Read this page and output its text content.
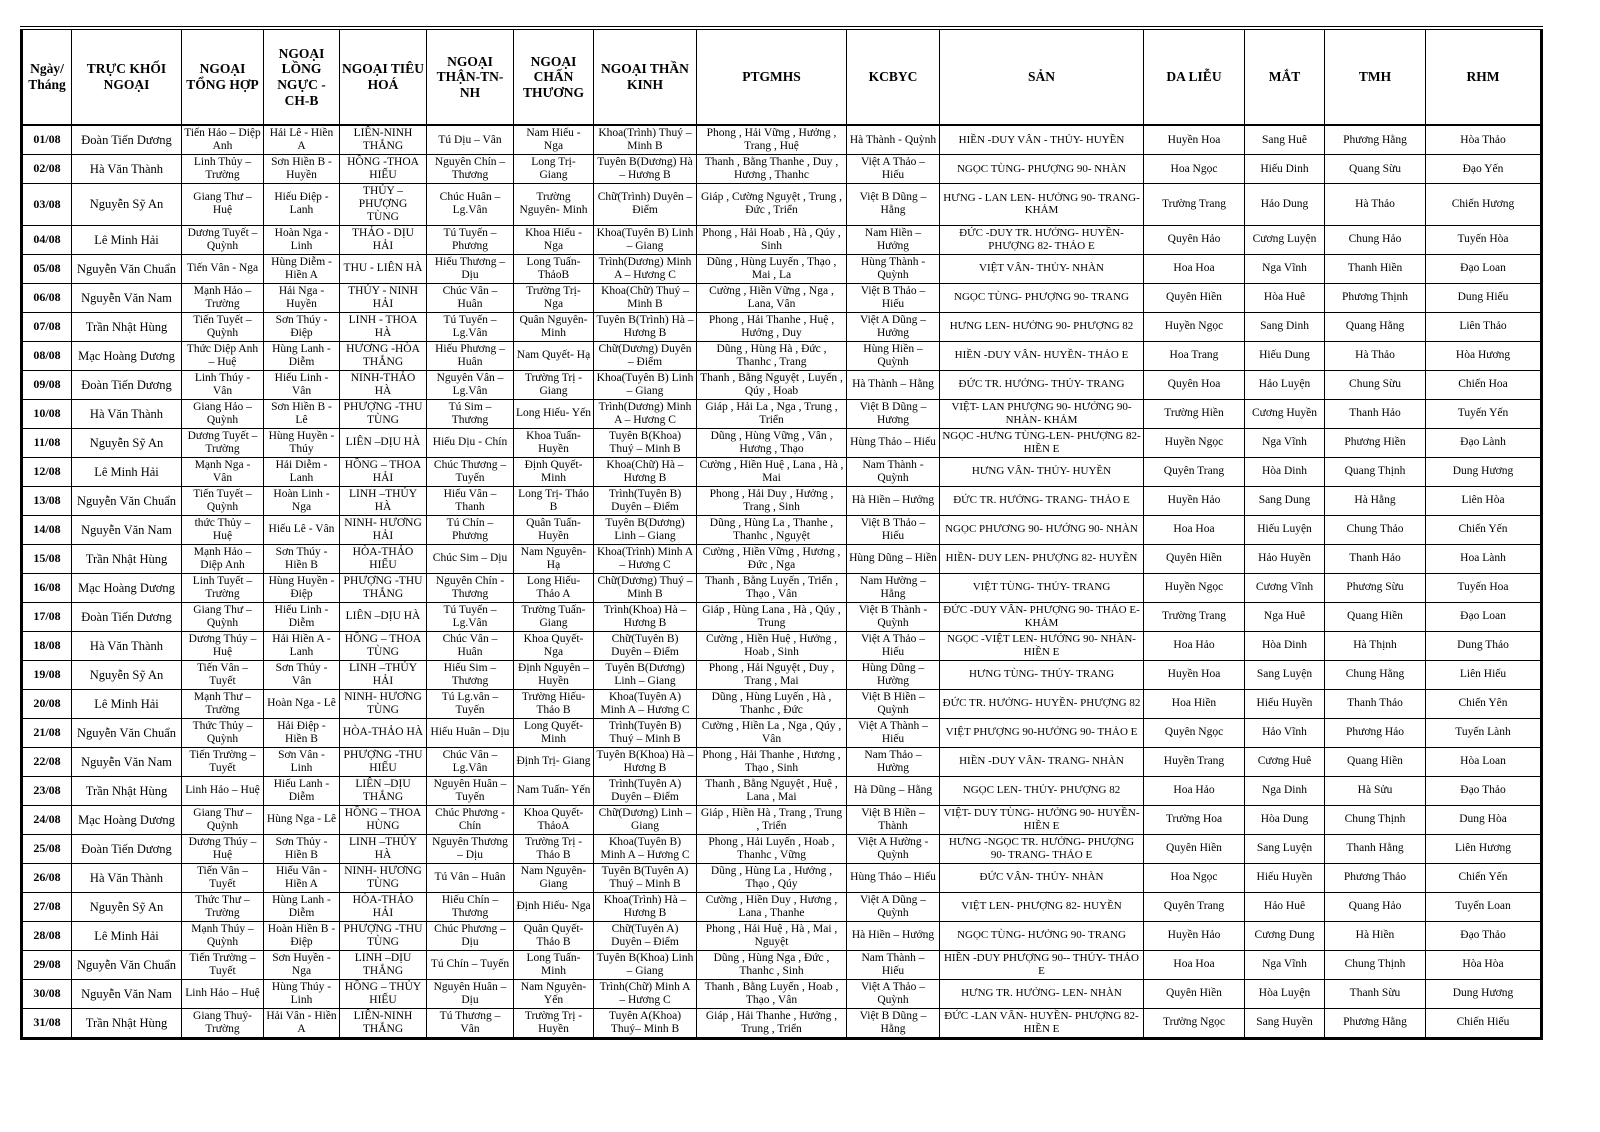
Ngày/ Tháng	TRỰC KHỐI NGOẠI	NGOẠI TỔNG HỢP	NGOẠI LỒNG NGỰC -CH-B	NGOẠI TIÊU HOÁ	NGOẠI THẬN-TN-NH	NGOẠI CHẤN THƯƠNG	NGOẠI THẦN KINH	PTGMHS	KCBYC	SẢN	DA LIỄU	MẮT	TMH	RHM
01/08	Đoàn Tiến Dương	Tiến Hảo – Diệp Anh	Hải Lê - Hiền A	LIÊN-NINH THẮNG	Tú Dịu – Vân	Nam Hiếu - Nga	Khoa(Trình) Thuý – Minh B	Phong , Hải Vững , Hưởng , Trang , Huệ	Hà Thành - Quỳnh	HIỀN -DUY VÂN - THỦY- HUYỀN	Huyền Hoa	Sang Huê	Phương Hằng	Hòa Thảo
02/08	Hà Văn Thành	Linh Thủy – Trường	Sơn Hiền B - Huyền	HỒNG -THOA HIẾU	Nguyên Chín – Thương	Long Trị- Giang	Tuyên B(Dương) Hà – Hương B	Thanh , Bằng Thanhe , Duy , Hương , Thanhc	Việt A Thảo – Hiếu	NGỌC TÙNG- PHƯỢNG 90- NHÀN	Hoa Ngọc	Hiếu Dinh	Quang Sừu	Đạo Yến
03/08	Nguyễn Sỹ An	Giang Thư – Huệ	Hiếu Điệp - Lanh	THỦY – PHƯỢNG TÙNG	Chúc Huân – Lg.Vân	Trường Nguyên- Minh	Chữ(Trình) Duyên – Điểm	Giáp , Cường Nguyệt , Trung , Đức , Triển	Việt B Dũng – Hằng	HƯNG - LAN LEN- HƯỞNG 90- TRANG- KHẢM	Trường Trang	Hảo Dung	Hà Thảo	Chiến Hương
04/08	Lê Minh Hải	Dương Tuyết – Quỳnh	Hoàn Nga - Linh	THẢO - DỊU HẢI	Tú Tuyến – Phương	Khoa Hiếu - Nga	Khoa(Tuyên B) Linh – Giang	Phong , Hải Hoab , Hà , Qúy , Sinh	Nam Hiền – Hưởng	ĐỨC -DUY TR. HƯỞNG- HUYỀN- PHƯỢNG 82- THẢO E	Quyên Hảo	Cương Luyện	Chung Hảo	Tuyến Hòa
05/08	Nguyễn Văn Chuẩn	Tiến Vân - Nga	Hùng Diễm - Hiền A	THU - LIÊN HÀ	Hiếu Thương – Dịu	Long Tuấn- ThảoB	Trình(Dương) Minh A – Hương C	Dũng , Hùng Luyến , Thạo , Mai , La	Hùng Thành - Quỳnh	VIỆT VÂN- THỦY- NHÀN	Hoa Hoa	Nga Vĩnh	Thanh Hiền	Đạo Loan
06/08	Nguyễn Văn Nam	Mạnh Hảo – Trường	Hải Nga - Huyền	THỦY - NINH HẢI	Chúc Vân – Huân	Trường Trị- Nga	Khoa(Chữ) Thuý – Minh B	Cường , Hiền Vững , Nga , Lana, Vân	Việt B Thảo – Hiếu	NGỌC TÙNG- PHƯỢNG 90- TRANG	Quyên Hiền	Hòa Huê	Phương Thịnh	Dung Hiếu
07/08	Trần Nhật Hùng	Tiến Tuyết – Quỳnh	Sơn Thúy - Điệp	LINH - THOA HÀ	Tú Tuyến – Lg.Vân	Quân Nguyên- Minh	Tuyên B(Trình) Hà – Hương B	Phong , Hải Thanhe , Huệ , Hưởng , Duy	Việt A Dũng – Hưởng	HƯNG LEN- HƯỞNG 90- PHƯỢNG 82	Huyền Ngọc	Sang Dinh	Quang Hằng	Liên Thảo
08/08	Mạc Hoàng Dương	Thức Diệp Anh – Huệ	Hùng Lanh - Diễm	HƯƠNG -HÒA THẮNG	Hiếu Phương – Huân	Nam Quyết- Hạ	Chữ(Dương) Duyên – Điểm	Dũng , Hùng Hà , Đức , Thanhc , Trang	Hùng Hiền – Quỳnh	HIỀN -DUY VÂN- HUYỀN- THẢO E	Hoa Trang	Hiếu Dung	Hà Thảo	Hòa Hương
09/08	Đoàn Tiến Dương	Linh Thúy - Vân	Hiếu Linh - Vân	NINH-THẢO HÀ	Nguyên Vân – Lg.Vân	Trường Trị - Giang	Khoa(Tuyên B) Linh – Giang	Thanh , Bằng Nguyệt , Luyến , Qúy , Hoab	Hà Thành – Hằng	ĐỨC TR. HƯỞNG- THỦY- TRANG	Quyên Hoa	Hảo Luyện	Chung Sừu	Chiến Hoa
10/08	Hà Văn Thành	Giang Hảo – Quỳnh	Sơn Hiền B - Lê	PHƯỢNG -THU TÙNG	Tú Sim – Thương	Long Hiếu- Yến	Trình(Dương) Minh A – Hương C	Giáp , Hải La , Nga , Trung , Triển	Việt B Dũng – Hương	VIỆT- LAN PHƯỢNG 90- HƯỞNG 90- NHÀN- KHẢM	Trường Hiền	Cương Huyền	Thanh Hảo	Tuyến Yến
11/08	Nguyễn Sỹ An	Dương Tuyết – Trường	Hùng Huyền - Thúy	LIÊN –DỊU HÀ	Hiếu Dịu - Chín	Khoa Tuấn- Huyền	Tuyên B(Khoa) Thuý – Minh B	Dũng , Hùng Vững , Vân , Hương , Thạo	Hùng Thảo – Hiếu	NGỌC -HƯNG TÙNG-LEN- PHƯỢNG 82- HIỀN E	Huyền Ngọc	Nga Vĩnh	Phương Hiền	Đạo Lành
12/08	Lê Minh Hải	Mạnh Nga - Vân	Hải Diễm - Lanh	HỒNG – THOA HẢI	Chúc Thương – Tuyến	Định Quyết- Minh	Khoa(Chữ) Hà – Hương B	Cường , Hiền Huệ , Lana , Hà , Mai	Nam Thành - Quỳnh	HƯNG VÂN- THỦY- HUYỀN	Quyên Trang	Hòa Dinh	Quang Thịnh	Dung Hương
13/08	Nguyễn Văn Chuẩn	Tiến Tuyết – Quỳnh	Hoàn Linh - Nga	LINH –THỦY HÀ	Hiếu Vân – Thanh	Long Trị- Thảo B	Trình(Tuyên B) Duyên – Điểm	Phong , Hải Duy , Hưởng , Trang , Sinh	Hà Hiền – Hưởng	ĐỨC TR. HƯỞNG- TRANG- THẢO E	Huyền Hảo	Sang Dung	Hà Hằng	Liên Hòa
14/08	Nguyễn Văn Nam	thức Thủy – Huệ	Hiếu Lê - Vân	NINH- HƯƠNG HẢI	Tú Chín – Phương	Quân Tuấn- Huyền	Tuyên B(Dương) Linh – Giang	Dũng , Hùng La , Thanhe , Thanhc , Nguyệt	Việt B Thảo – Hiếu	NGỌC PHƯƠNG 90- HƯỚNG 90- NHÀN	Hoa Hoa	Hiếu Luyện	Chung Thảo	Chiến Yến
15/08	Trần Nhật Hùng	Mạnh Hảo – Diệp Anh	Sơn Thúy - Hiền B	HÒA-THẢO HIẾU	Chúc Sim – Dịu	Nam Nguyên- Hạ	Khoa(Trình) Minh A – Hương C	Cường , Hiền Vững , Hương , Đức , Nga	Hùng Dũng – Hiền	HIỀN- DUY LEN- PHƯỢNG 82- HUYỀN	Quyên Hiền	Hảo Huyền	Thanh Hảo	Hoa Lành
16/08	Mạc Hoàng Dương	Linh Tuyết – Trường	Hùng Huyền - Điệp	PHƯỢNG -THU THẮNG	Nguyên Chín - Thương	Long Hiếu- Thảo A	Chữ(Dương) Thuý – Minh B	Thanh , Bằng Luyến , Triển , Thạo , Vân	Nam Hường – Hằng	VIỆT TÙNG- THỦY- TRANG	Huyền Ngọc	Cương Vĩnh	Phương Sừu	Tuyến Hoa
17/08	Đoàn Tiến Dương	Giang Thư – Quỳnh	Hiếu Linh - Diễm	LIÊN –DỊU HÀ	Tú Tuyến – Lg.Vân	Trường Tuấn- Giang	Trình(Khoa) Hà – Hương B	Giáp , Hùng Lana , Hà , Qúy , Trung	Việt B Thành - Quỳnh	ĐỨC -DUY VÂN- PHƯỢNG 90- THẢO E- KHẢM	Trường Trang	Nga Huê	Quang Hiền	Đạo Loan
18/08	Hà Văn Thành	Dương Thúy – Huệ	Hải Hiền A - Lanh	HỒNG – THOA TÙNG	Chúc Vân – Huân	Khoa Quyết- Nga	Chữ(Tuyên B) Duyên – Điểm	Cường , Hiền Huệ , Hưởng , Hoab , Sinh	Việt A Thảo – Hiếu	NGỌC -VIỆT LEN- HƯỚNG 90- NHÀN- HIỀN E	Hoa Hảo	Hòa Dinh	Hà Thịnh	Dung Thảo
19/08	Nguyễn Sỹ An	Tiến Vân – Tuyết	Sơn Thủy - Vân	LINH –THỦY HẢI	Hiếu Sim – Thương	Định Nguyên – Huyền	Tuyên B(Dương) Linh – Giang	Phong , Hải Nguyệt , Duy , Trang , Mai	Hùng Dũng – Hường	HƯNG TÙNG- THỦY- TRANG	Huyền Hoa	Sang Luyện	Chung Hằng	Liên Hiếu
20/08	Lê Minh Hải	Mạnh Thư – Trường	Hoàn Nga - Lê	NINH- HƯƠNG TÙNG	Tú Lg.vân – Tuyến	Trường Hiếu- Thảo B	Khoa(Tuyên A) Minh A – Hương C	Dũng , Hùng Luyến , Hà , Thanhc , Đức	Việt B Hiền – Quỳnh	ĐỨC TR. HƯỞNG- HUYỀN- PHƯỢNG 82	Hoa Hiền	Hiếu Huyền	Thanh Thảo	Chiến Yên
21/08	Nguyễn Văn Chuẩn	Thức Thủy – Quỳnh	Hải Điệp - Hiền B	HÒA-THẢO HÀ	Hiếu Huân – Dịu	Long Quyết- Minh	Trình(Tuyên B) Thuý – Minh B	Cường , Hiền La , Nga , Qúy , Vân	Việt A Thành – Hiếu	VIỆT PHƯỢNG 90-HƯỞNG 90- THẢO E	Quyên Ngọc	Hảo Vĩnh	Phương Hảo	Tuyến Lành
22/08	Nguyễn Văn Nam	Tiến Trường – Tuyết	Sơn Vân - Linh	PHƯỢNG -THU HIẾU	Chúc Vân – Lg.Vân	Định Trị- Giang	Tuyên B(Khoa) Hà – Hương B	Phong , Hải Thanhe , Hương , Thạo , Sinh	Nam Thảo – Hường	HIỀN -DUY VÂN- TRANG- NHÀN	Huyền Trang	Cương Huê	Quang Hiền	Hòa Loan
23/08	Trần Nhật Hùng	Linh Hảo – Huệ	Hiếu Lanh - Diễm	LIÊN –DỊU THẮNG	Nguyên Huân – Tuyến	Nam Tuấn- Yến	Trình(Tuyên A) Duyên – Điểm	Thanh , Bằng Nguyệt , Huệ , Lana , Mai	Hà Dũng – Hằng	NGỌC LEN- THỦY- PHƯỢNG 82	Hoa Hảo	Nga Dinh	Hà Sửu	Đạo Thảo
24/08	Mạc Hoàng Dương	Giang Thư – Quỳnh	Hùng Nga - Lê	HỒNG – THOA HÙNG	Chúc Phương - Chín	Khoa Quyết- ThảoA	Chữ(Dương) Linh – Giang	Giáp , Hiền Hà , Trang , Trung , Triển	Việt B Hiền – Thành	VIỆT- DUY TÙNG- HƯỞNG 90- HUYỀN- HIỀN E	Trường Hoa	Hòa Dung	Chung Thịnh	Dung Hòa
25/08	Đoàn Tiến Dương	Dương Thúy – Huệ	Sơn Thủy - Hiền B	LINH –THỦY HÀ	Nguyên Thương – Dịu	Trường Trị - Thảo B	Khoa(Tuyên B) Minh A – Hương C	Phong , Hải Luyến , Hoab , Thanhc , Vững	Việt A Hường - Quỳnh	HƯNG -NGỌC TR. HƯỞNG- PHƯỢNG 90- TRANG- THẢO E	Quyên Hiền	Sang Luyện	Thanh Hằng	Liên Hương
26/08	Hà Văn Thành	Tiến Vân – Tuyết	Hiếu Vân - Hiền A	NINH- HƯƠNG TÙNG	Tú Vân – Huân	Nam Nguyên- Giang	Tuyên B(Tuyên A) Thuý – Minh B	Dũng , Hùng La , Hưởng , Thạo , Qúy	Hùng Thảo – Hiếu	ĐỨC VÂN- THỦY- NHÀN	Hoa Ngọc	Hiếu Huyền	Phương Thảo	Chiến Yến
27/08	Nguyễn Sỹ An	Thức Thư – Trường	Hùng Lanh - Diễm	HÒA-THẢO HẢI	Hiếu Chín – Thương	Định Hiếu- Nga	Khoa(Trình) Hà – Hương B	Cường , Hiền Duy , Hương , Lana , Thanhe	Việt A Dũng – Quỳnh	VIỆT LEN- PHƯỢNG 82- HUYỀN	Quyên Trang	Hảo Huê	Quang Hảo	Tuyến Loan
28/08	Lê Minh Hải	Mạnh Thúy – Quỳnh	Hoàn Hiền B - Điệp	PHƯỢNG -THU TÙNG	Chúc Phương – Dịu	Quân Quyết- Thảo B	Chữ(Tuyên A) Duyên – Điểm	Phong , Hải Huệ , Hà , Mai , Nguyệt	Hà Hiền – Hưởng	NGỌC TÙNG- HƯỞNG 90- TRANG	Huyền Hảo	Cương Dung	Hà Hiền	Đạo Thảo
29/08	Nguyễn Văn Chuẩn	Tiến Trường – Tuyết	Sơn Huyền - Nga	LINH –DỊU THẮNG	Tú Chín – Tuyến	Long Tuấn- Minh	Tuyên B(Khoa) Linh – Giang	Dũng , Hùng Nga , Đức , Thanhc , Sinh	Nam Thành – Hiếu	HIỀN -DUY PHƯỢNG 90-- THỦY- THẢO E	Hoa Hoa	Nga Vĩnh	Chung Thịnh	Hòa Hòa
30/08	Nguyễn Văn Nam	Linh Hảo – Huệ	Hùng Thúy - Linh	HỒNG – THỦY HIẾU	Nguyên Huân – Dịu	Nam Nguyên- Yến	Trình(Chữ) Minh A – Hương C	Thanh , Bằng Luyến , Hoab , Thạo , Vân	Việt A Thảo – Quỳnh	HƯNG TR. HƯỞNG- LEN- NHÀN	Quyên Hiền	Hòa Luyện	Thanh Sừu	Dung Hương
31/08	Trần Nhật Hùng	Giang Thuý- Trường	Hải Vân - Hiền A	LIÊN-NINH THẮNG	Tú Thương – Vân	Trường Trị - Huyền	Tuyên A(Khoa) Thuý– Minh B	Giáp , Hải Thanhe , Hưởng , Trung , Triển	Việt B Dũng – Hằng	ĐỨC -LAN VÂN- HUYỀN- PHƯỢNG 82- HIỀN E	Trường Ngọc	Sang Huyền	Phương Hằng	Chiến Hiếu
